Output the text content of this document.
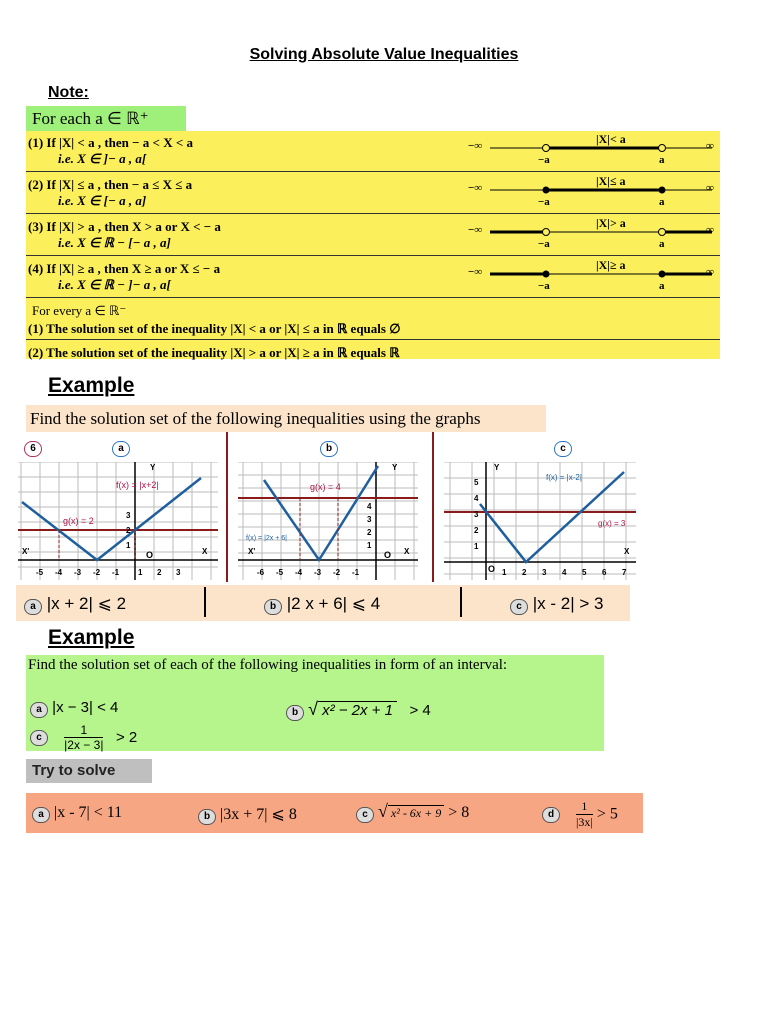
Solving Absolute Value Inequalities
Note:
For each a ∈ ℝ⁺
(1) If |X| < a , then − a < X < a
i.e. X ∈ ]− a , a[
−∞	∞
−a	a
|X|< a
(2) If |X| ≤ a , then − a ≤ X ≤ a
i.e. X ∈ [− a , a]
−∞	∞
−a	a
|X|≤ a
(3) If |X| > a , then X > a or X < − a
i.e. X ∈ ℝ − [− a , a]
−∞	∞
−a	a
|X|> a
(4) If |X| ≥ a , then X ≥ a or X ≤ − a
i.e. X ∈ ℝ − ]− a , a[
−∞	∞
−a	a
|X|≥ a
For every a ∈ ℝ⁻
(1) The solution set of the inequality |X| < a or |X| ≤ a in ℝ equals ∅
(2) The solution set of the inequality |X| > a or |X| ≥ a in ℝ equals ℝ
Example
Find the solution set of the following inequalities using the graphs
6	a	b	c
f(x) = |x+2|
g(x) = 2
Y
X
X'	O
-5 -4 -3 -2 -1 1 2 3
1
2
3
g(x) = 4
f(x) = |2x + 6|
Y
X
X'	O
-6 -5 -4 -3 -2 -1
1
2
3
4
f(x) = |x-2|
g(x) = 3
Y
X
O 1 2 3 4 5 6 7
1
2
3
4
5
a |x + 2| ⩽ 2	b |2 x + 6| ⩽ 4	c |x - 2| > 3
Example
Find the solution set of each of the following inequalities in form of an interval:
a |x − 3| < 4	b √ x² − 2x + 1 > 4
c $\frac{1}{|2x - 3|} > 2$
Try to solve
a |x - 7| < 11	b |3x + 7| ⩽ 8	c √ x² - 6x + 9 > 8	d $\frac{1}{|3x|} > 5$
